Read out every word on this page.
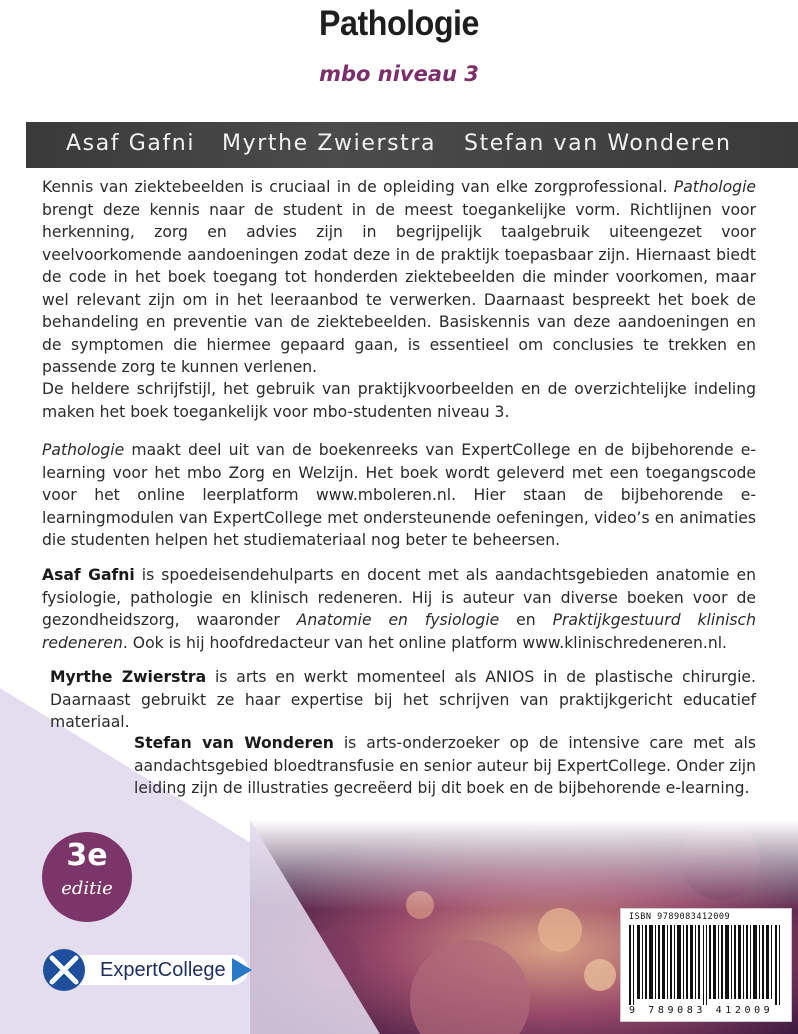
Pathologie
mbo niveau 3
Asaf Gafni Myrthe Zwierstra Stefan van Wonderen
Kennis van ziektebeelden is cruciaal in de opleiding van elke zorgprofessional. Pathologie brengt deze kennis naar de student in de meest toegankelijke vorm. Richtlijnen voor herkenning, zorg en advies zijn in begrijpelijk taalgebruik uiteengezet voor veelvoorkomende aandoeningen zodat deze in de praktijk toepasbaar zijn. Hiernaast biedt de code in het boek toegang tot honderden ziektebeelden die minder voorkomen, maar wel relevant zijn om in het leeraanbod te verwerken. Daarnaast bespreekt het boek de behandeling en preventie van de ziektebeelden. Basiskennis van deze aandoeningen en de symptomen die hiermee gepaard gaan, is essentieel om conclusies te trekken en passende zorg te kunnen verlenen.
De heldere schrijfstijl, het gebruik van praktijkvoorbeelden en de overzichtelijke indeling maken het boek toegankelijk voor mbo-studenten niveau 3.
Pathologie maakt deel uit van de boekenreeks van ExpertCollege en de bijbehorende e-learning voor het mbo Zorg en Welzijn. Het boek wordt geleverd met een toegangscode voor het online leerplatform www.mboleren.nl. Hier staan de bijbehorende e-learningmodulen van ExpertCollege met ondersteunende oefeningen, video’s en animaties die studenten helpen het studiemateriaal nog beter te beheersen.
Asaf Gafni is spoedeisendehulparts en docent met als aandachtsgebieden anatomie en fysiologie, pathologie en klinisch redeneren. Hij is auteur van diverse boeken voor de gezondheidszorg, waaronder Anatomie en fysiologie en Praktijkgestuurd klinisch redeneren. Ook is hij hoofdredacteur van het online platform www.klinischredeneren.nl.
Myrthe Zwierstra is arts en werkt momenteel als ANIOS in de plastische chirurgie. Daarnaast gebruikt ze haar expertise bij het schrijven van praktijkgericht educatief materiaal.
Stefan van Wonderen is arts-onderzoeker op de intensive care met als aandachtsgebied bloedtransfusie en senior auteur bij ExpertCollege. Onder zijn leiding zijn de illustraties gecreëerd bij dit boek en de bijbehorende e-learning.
3e
editie
ExpertCollege
ISBN 9789083412009
9 789083 412009
